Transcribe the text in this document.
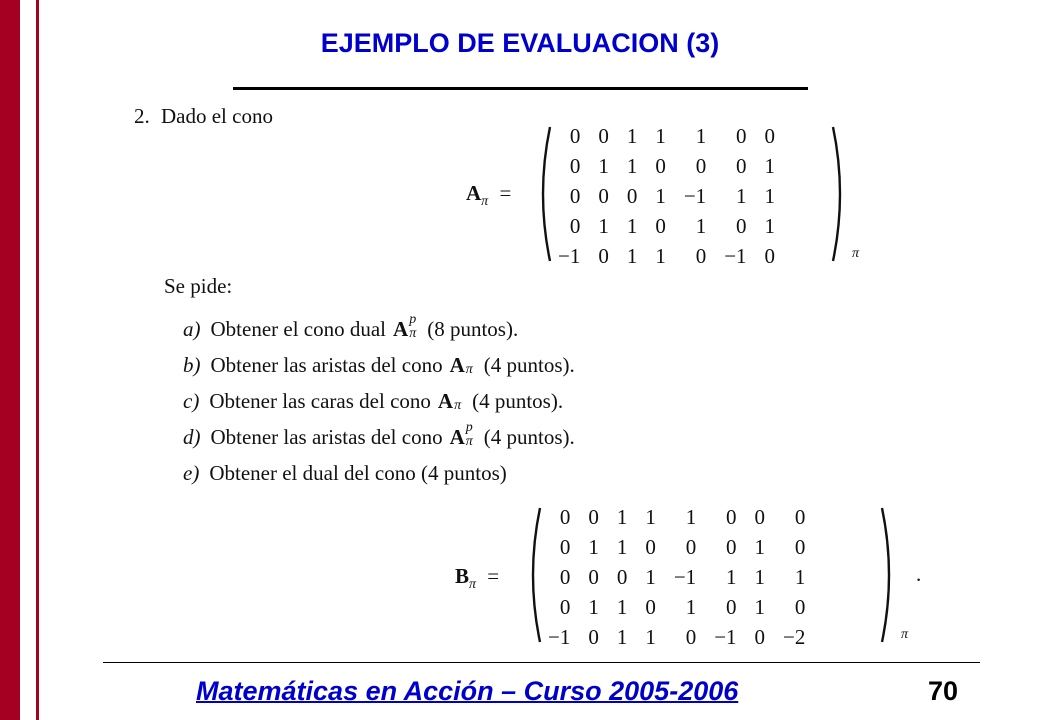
EJEMPLO DE EVALUACION (3)
2. Dado el cono
$A_\pi$ =
0	0	1	1	1	0	0
0	1	1	0	0	0	1
0	0	0	1	−1	1	1
0	1	1	0	1	0	1
−1	0	1	1	0	−1	0	π
Se pide:
a) Obtener el cono dual A p
π (8 puntos).
b) Obtener las aristas del cono A π (4 puntos).
c) Obtener las caras del cono A π (4 puntos).
d) Obtener las aristas del cono A p
π (4 puntos).
e) Obtener el dual del cono (4 puntos)
$B_\pi$ =
0	0	1	1	1	0	0	0
0	1	1	0	0	0	1	0
0	0	0	1	−1	1	1	1
0	1	1	0	1	0	1	0
−1	0	1	1	0	−1	0	−2	π
.
Matemáticas en Acción – Curso 2005-2006	70
